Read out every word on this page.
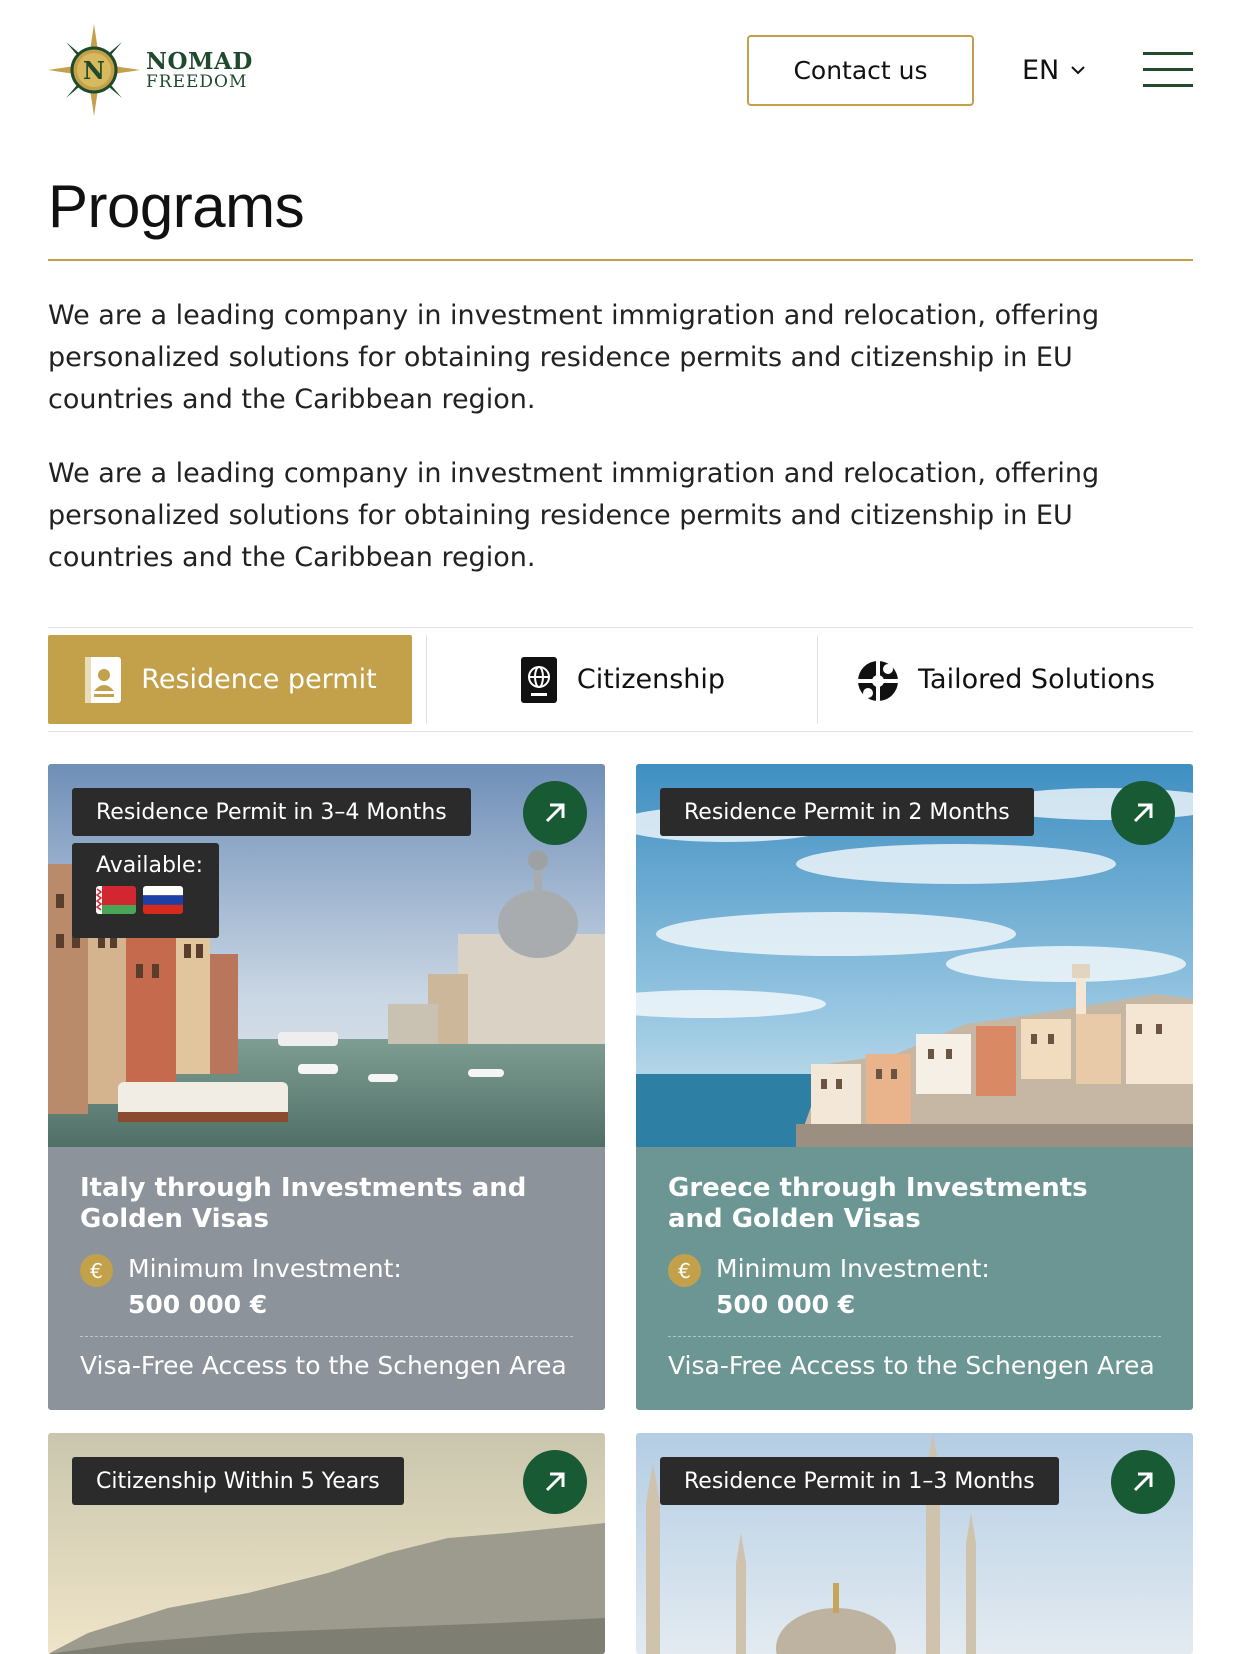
N NOMAD
FREEDOM	Contact us	EN
Programs

We are a leading company in investment immigration and relocation, offering personalized solutions for obtaining residence permits and citizenship in EU countries and the Caribbean region.

We are a leading company in investment immigration and relocation, offering personalized solutions for obtaining residence permits and citizenship in EU countries and the Caribbean region.

Residence permit	Citizenship	Tailored Solutions
Italy through Investments and Golden Visas
€	Minimum Investment:
500 000 €
Visa-Free Access to the Schengen Area
Residence Permit in 3–4 Months
Available:
Greece through Investments and Golden Visas
€	Minimum Investment:
500 000 €
Visa-Free Access to the Schengen Area
Residence Permit in 2 Months
Citizenship Within 5 Years	Residence Permit in 1–3 Months
